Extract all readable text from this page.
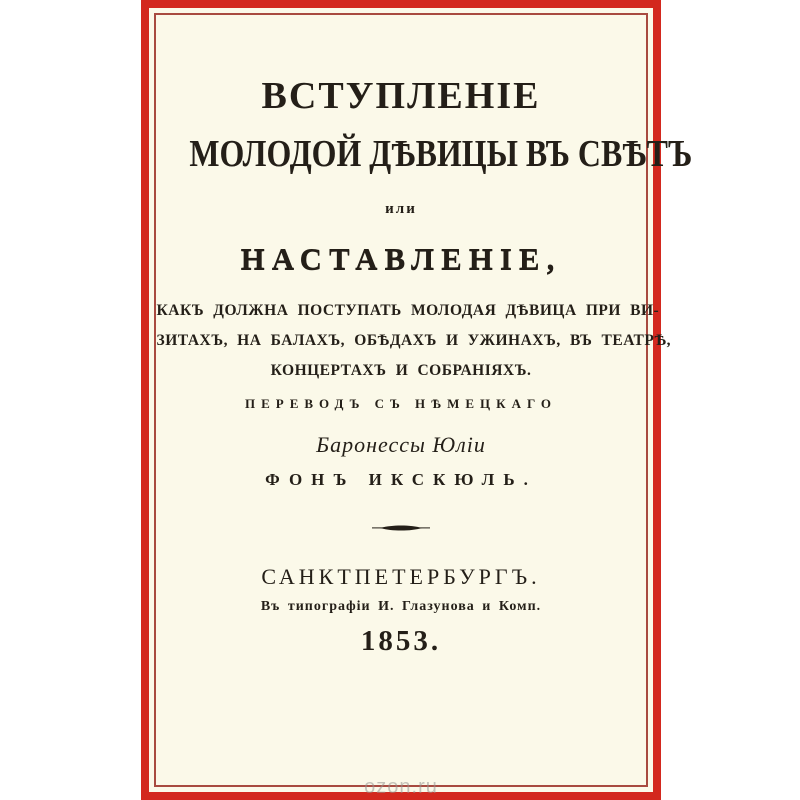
ВСТУПЛЕНІЕ
МОЛОДОЙ ДѢВИЦЫ ВЪ СВѢТЪ
или
НАСТАВЛЕНІЕ,
КАКЪ ДОЛЖНА ПОСТУПАТЬ МОЛОДАЯ ДѢВИЦА ПРИ ВИ-
ЗИТАХЪ, НА БАЛАХЪ, ОБѢДАХЪ И УЖИНАХЪ, ВЪ ТЕАТРѢ,
КОНЦЕРТАХЪ И СОБРАНІЯХЪ.
ПЕРЕВОДЪ СЪ НѢМЕЦКАГО
Баронессы Юліи
ФОНЪ ИКСКЮЛЬ.
САНКТПЕТЕРБУРГЪ.
Въ типографіи И. Глазунова и Комп.
1853.
ozon.ru
